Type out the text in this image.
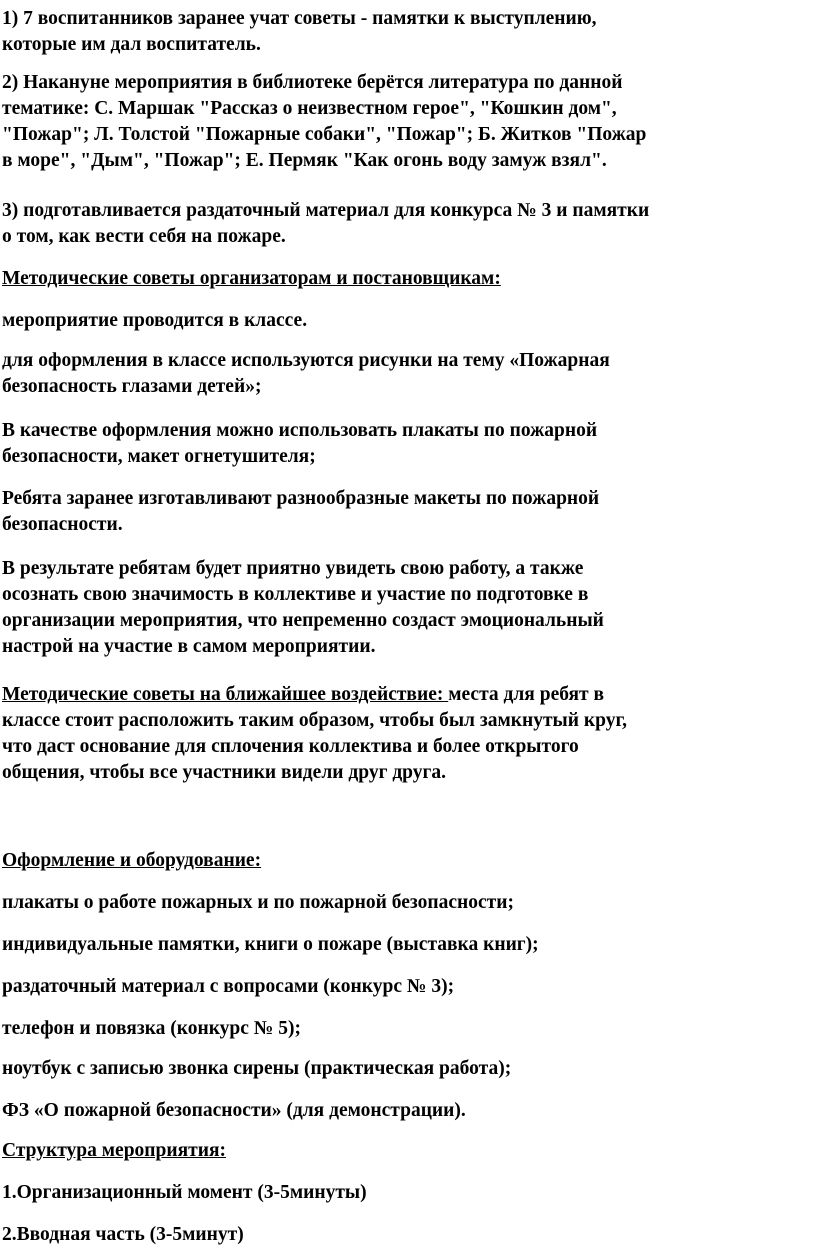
1) 7 воспитанников заранее учат советы - памятки к выступлению,
которые им дал воспитатель.
2) Накануне мероприятия в библиотеке берётся литература по данной
тематике: С. Маршак "Рассказ о неизвестном герое", "Кошкин дом",
"Пожар"; Л. Толстой "Пожарные собаки", "Пожар"; Б. Житков "Пожар
в море", "Дым", "Пожар"; Е. Пермяк "Как огонь воду замуж взял".
3) подготавливается раздаточный материал для конкурса № 3 и памятки
о том, как вести себя на пожаре.
Методические советы организаторам и постановщикам:
мероприятие проводится в классе.
для оформления в классе используются рисунки на тему «Пожарная
безопасность глазами детей»;
В качестве оформления можно использовать плакаты по пожарной
безопасности, макет огнетушителя;
Ребята заранее изготавливают разнообразные макеты по пожарной
безопасности.
В результате ребятам будет приятно увидеть свою работу, а также
осознать свою значимость в коллективе и участие по подготовке в
организации мероприятия, что непременно создаст эмоциональный
настрой на участие в самом мероприятии.
Методические советы на ближайшее воздействие: места для ребят в
классе стоит расположить таким образом, чтобы был замкнутый круг,
что даст основание для сплочения коллектива и более открытого
общения, чтобы все участники видели друг друга.
Оформление и оборудование:
плакаты о работе пожарных и по пожарной безопасности;
индивидуальные памятки, книги о пожаре (выставка книг);
раздаточный материал с вопросами (конкурс № 3);
телефон и повязка (конкурс № 5);
ноутбук с записью звонка сирены (практическая работа);
ФЗ «О пожарной безопасности» (для демонстрации).
Структура мероприятия:
1.Организационный момент (3-5минуты)
2.Вводная часть (3-5минут)
